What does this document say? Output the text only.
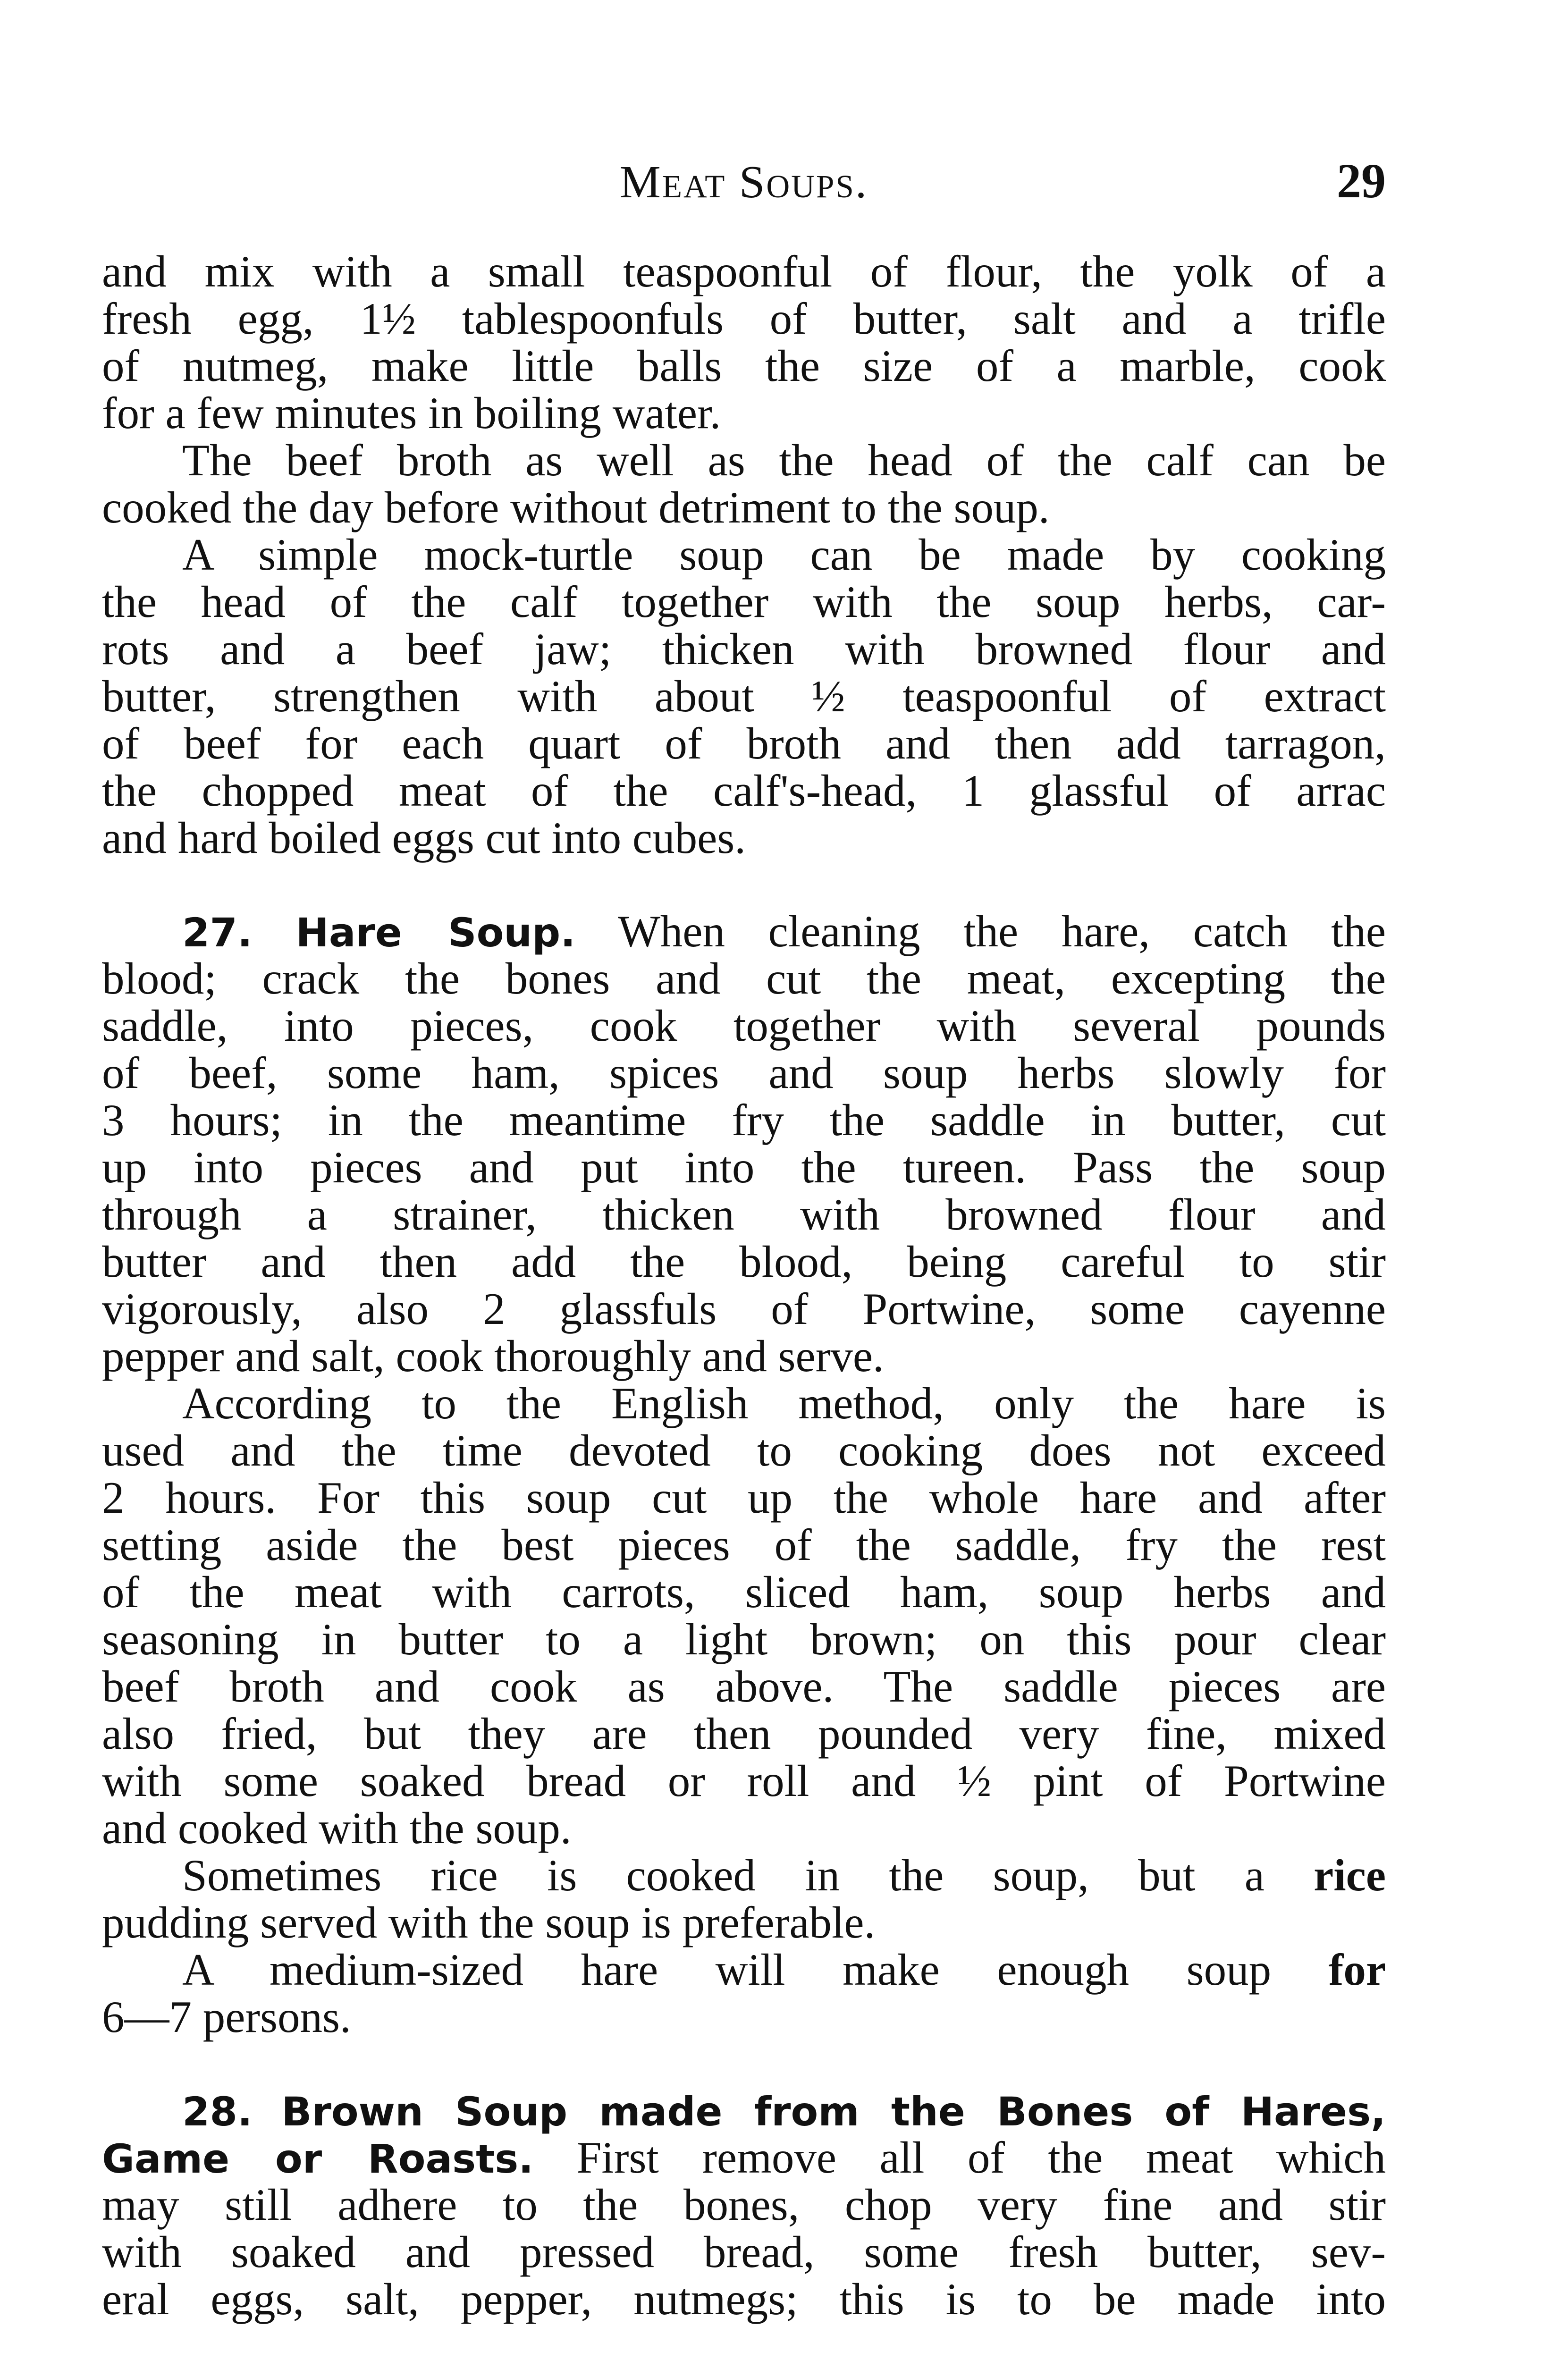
Meat Soups.	29
and mix with a small teaspoonful of flour, the yolk of a
fresh egg, 1½ tablespoonfuls of butter, salt and a trifle
of nutmeg, make little balls the size of a marble, cook
for a few minutes in boiling water.
The beef broth as well as the head of the calf can be
cooked the day before without detriment to the soup.
A simple mock-turtle soup can be made by cooking
the head of the calf together with the soup herbs, car-
rots and a beef jaw; thicken with browned flour and
butter, strengthen with about ½ teaspoonful of extract
of beef for each quart of broth and then add tarragon,
the chopped meat of the calf's-head, 1 glassful of arrac
and hard boiled eggs cut into cubes.
27. Hare Soup. When cleaning the hare, catch the
blood; crack the bones and cut the meat, excepting the
saddle, into pieces, cook together with several pounds
of beef, some ham, spices and soup herbs slowly for
3 hours; in the meantime fry the saddle in butter, cut
up into pieces and put into the tureen. Pass the soup
through a strainer, thicken with browned flour and
butter and then add the blood, being careful to stir
vigorously, also 2 glassfuls of Portwine, some cayenne
pepper and salt, cook thoroughly and serve.
According to the English method, only the hare is
used and the time devoted to cooking does not exceed
2 hours. For this soup cut up the whole hare and after
setting aside the best pieces of the saddle, fry the rest
of the meat with carrots, sliced ham, soup herbs and
seasoning in butter to a light brown; on this pour clear
beef broth and cook as above. The saddle pieces are
also fried, but they are then pounded very fine, mixed
with some soaked bread or roll and ½ pint of Portwine
and cooked with the soup.
Sometimes rice is cooked in the soup, but a rice
pudding served with the soup is preferable.
A medium-sized hare will make enough soup for
6—7 persons.
28. Brown Soup made from the Bones of Hares,
Game or Roasts. First remove all of the meat which
may still adhere to the bones, chop very fine and stir
with soaked and pressed bread, some fresh butter, sev-
eral eggs, salt, pepper, nutmegs; this is to be made into
